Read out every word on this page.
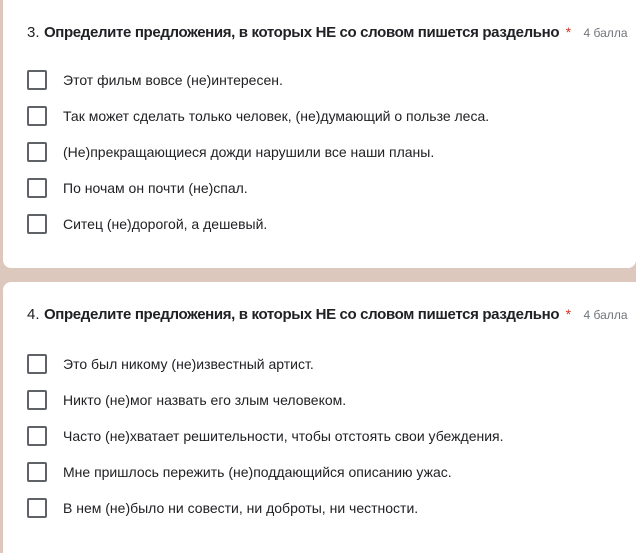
3. Определите предложения, в которых НЕ со словом пишется раздельно * 4 балла
Этот фильм вовсе (не)интересен.
Так может сделать только человек, (не)думающий о пользе леса.
(Не)прекращающиеся дожди нарушили все наши планы.
По ночам он почти (не)спал.
Ситец (не)дорогой, а дешевый.
4. Определите предложения, в которых НЕ со словом пишется раздельно * 4 балла
Это был никому (не)известный артист.
Никто (не)мог назвать его злым человеком.
Часто (не)хватает решительности, чтобы отстоять свои убеждения.
Мне пришлось пережить (не)поддающийся описанию ужас.
В нем (не)было ни совести, ни доброты, ни честности.
